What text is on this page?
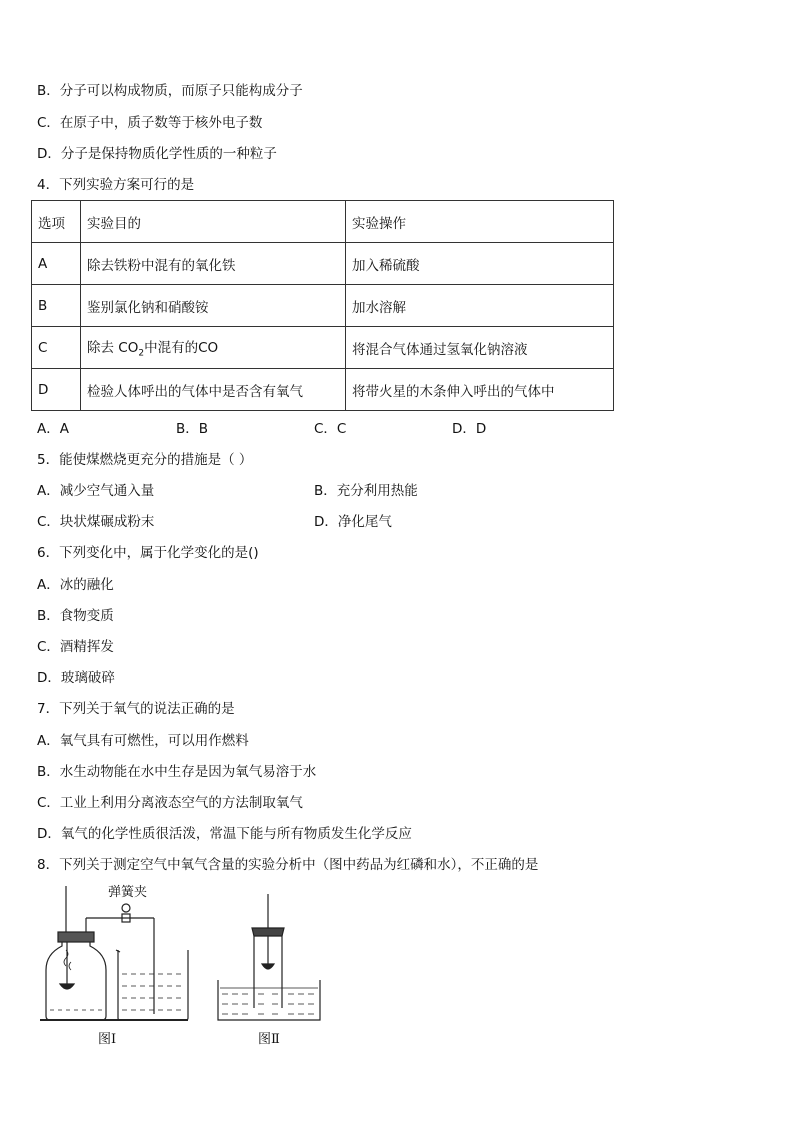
B．分子可以构成物质，而原子只能构成分子
C．在原子中，质子数等于核外电子数
D．分子是保持物质化学性质的一种粒子
4．下列实验方案可行的是
选项	实验目的	实验操作
A	除去铁粉中混有的氧化铁	加入稀硫酸
B	鉴别氯化钠和硝酸铵	加水溶解
C	除去 $CO_2$中混有的CO	将混合气体通过氢氧化钠溶液
D	检验人体呼出的气体中是否含有氧气	将带火星的木条伸入呼出的气体中
A．A	B．B	C．C	D．D
5．能使煤燃烧更充分的措施是（ ）
A．减少空气通入量	B．充分利用热能
C．块状煤碾成粉末	D．净化尾气
6．下列变化中，属于化学变化的是()
A．冰的融化
B．食物变质
C．酒精挥发
D．玻璃破碎
7．下列关于氧气的说法正确的是
A．氧气具有可燃性，可以用作燃料
B．水生动物能在水中生存是因为氧气易溶于水
C．工业上利用分离液态空气的方法制取氧气
D．氧气的化学性质很活泼，常温下能与所有物质发生化学反应
8．下列关于测定空气中氧气含量的实验分析中（图中药品为红磷和水），不正确的是
弹簧夹
图Ⅰ	图Ⅱ
